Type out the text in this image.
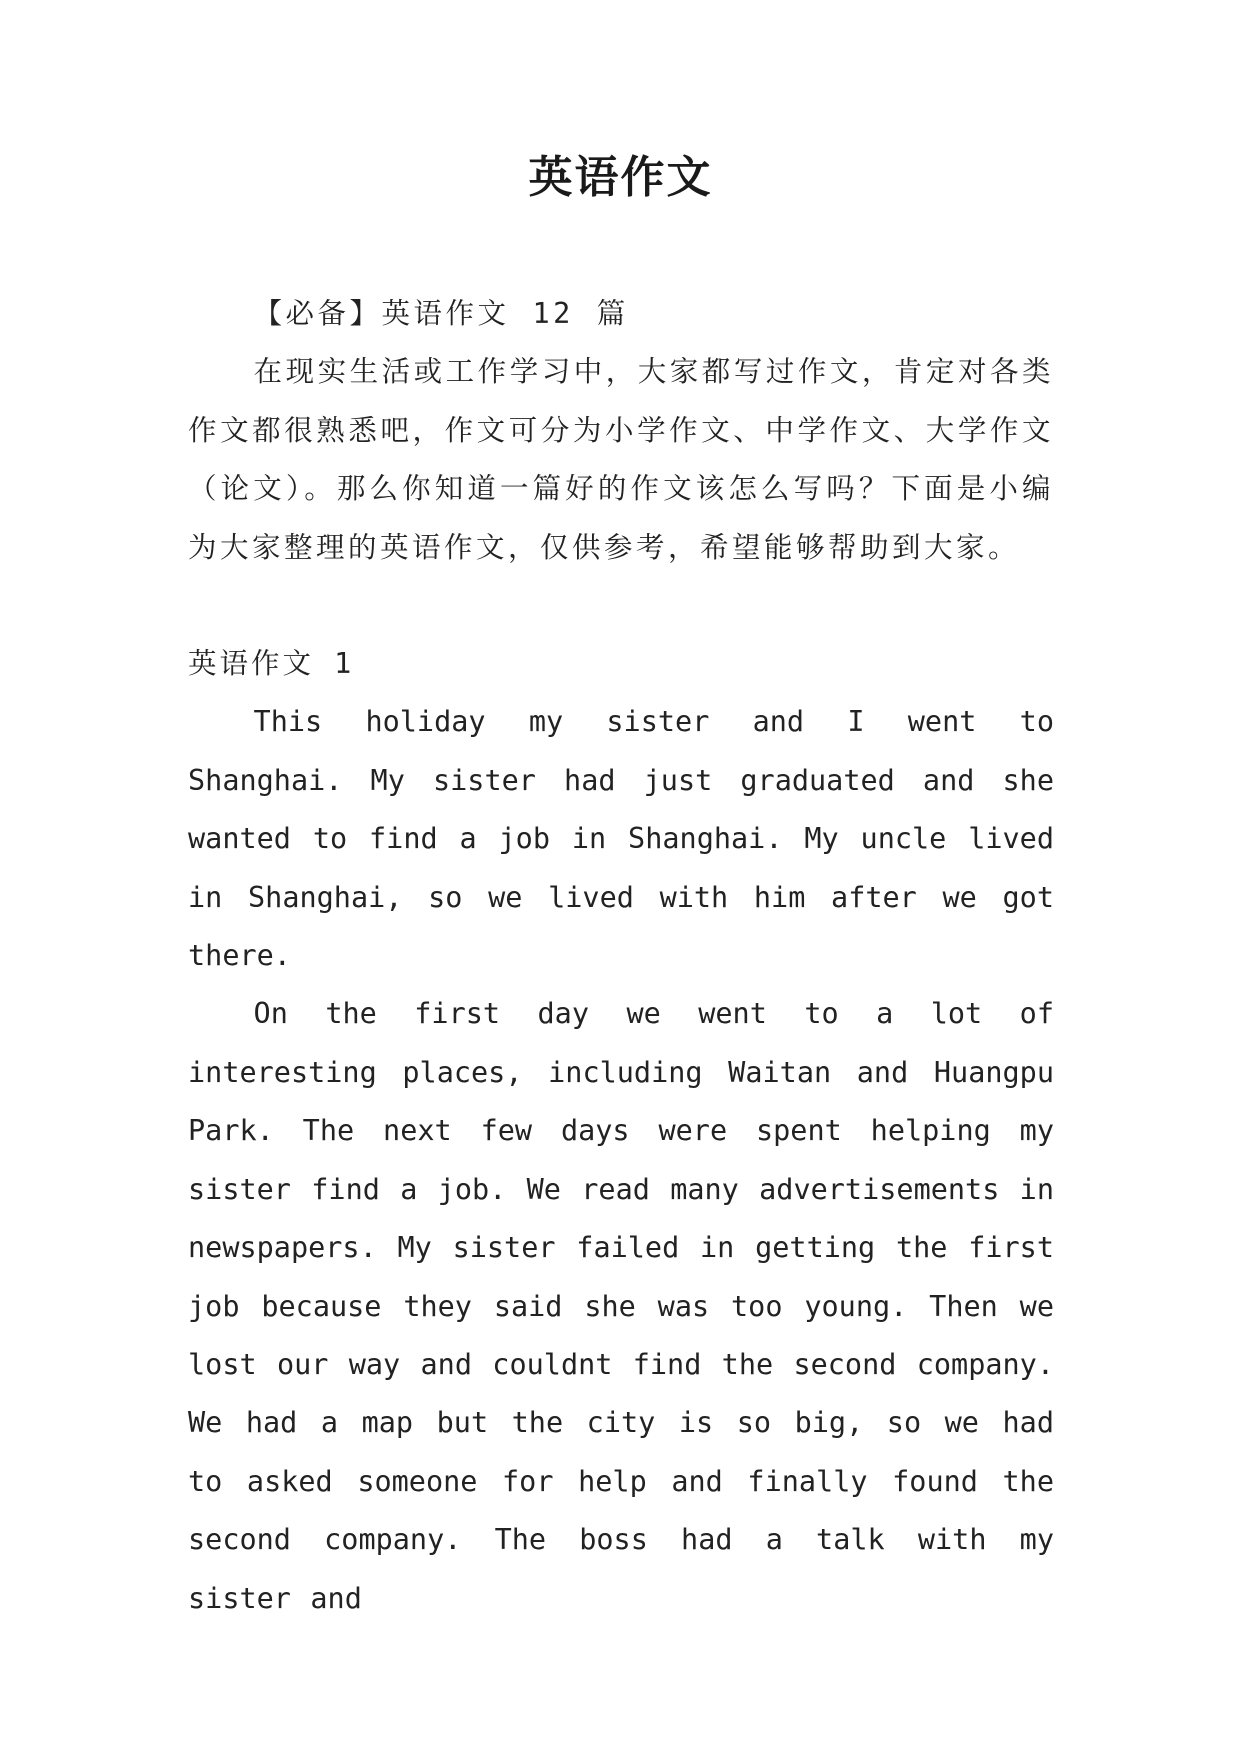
英语作文

【必备】英语作文 12 篇

在现实生活或工作学习中，大家都写过作文，肯定对各类作文都很熟悉吧，作文可分为小学作文、中学作文、大学作文（论文）。那么你知道一篇好的作文该怎么写吗？下面是小编为大家整理的英语作文，仅供参考，希望能够帮助到大家。

英语作文 1

This holiday my sister and I went to Shanghai. My sister had just graduated and she wanted to find a job in Shanghai. My uncle lived in Shanghai, so we lived with him after we got there.

On the first day we went to a lot of interesting places, including Waitan and Huangpu Park. The next few days were spent helping my sister find a job. We read many advertisements in newspapers. My sister failed in getting the first job because they said she was too young. Then we lost our way and couldnt find the second company. We had a map but the city is so big, so we had to asked someone for help and finally found the second company. The boss had a talk with my sister and
